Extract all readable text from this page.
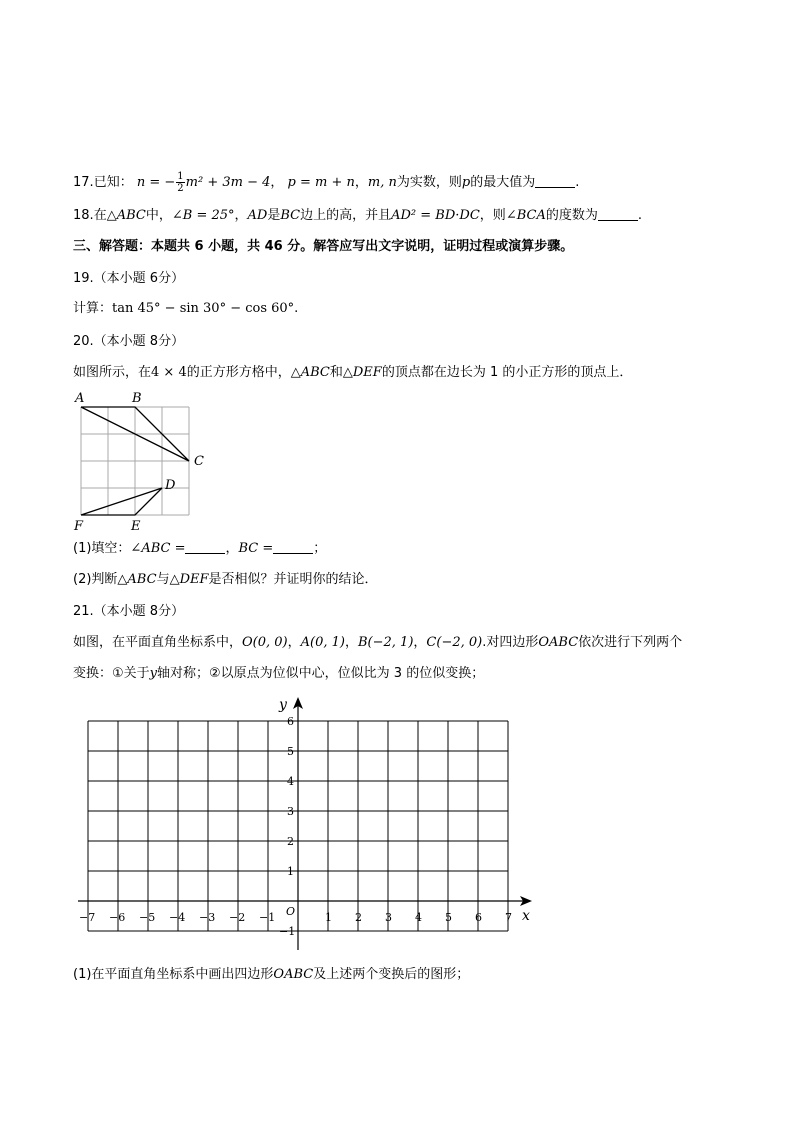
17.已知： n = − $\frac{1}{2} m^2 + 3m - 4$， p = m + n，m, n为实数，则p的最大值为	.
18.在△ABC中，∠B = 25°，AD是BC边上的高，并且AD² = BD·DC，则∠BCA的度数为	.
三、解答题：本题共 6 小题，共 46 分。解答应写出文字说明，证明过程或演算步骤。
19.（本小题 6分）
计算：tan 45° − sin 30° − cos 60°.
20.（本小题 8分）
如图所示，在4 × 4的正方形方格中，△ABC和△DEF的顶点都在边长为 1 的小正方形的顶点上．
A	B
C
D
F	E
(1)填空：∠ABC =	，BC =	；
(2)判断△ABC与△DEF是否相似？并证明你的结论．
21.（本小题 8分）
如图，在平面直角坐标系中，O(0, 0)，A(0, 1)，B(−2, 1)，C(−2, 0).对四边形OABC依次进行下列两个
变换：①关于y轴对称；②以原点为位似中心，位似比为 3 的位似变换；
y
x
O
−7 −6 −5 −4 −3 −2 −1	1 2 3 4 5 6 7
6
5
4
3
2
1
−1
(1)在平面直角坐标系中画出四边形OABC及上述两个变换后的图形；
